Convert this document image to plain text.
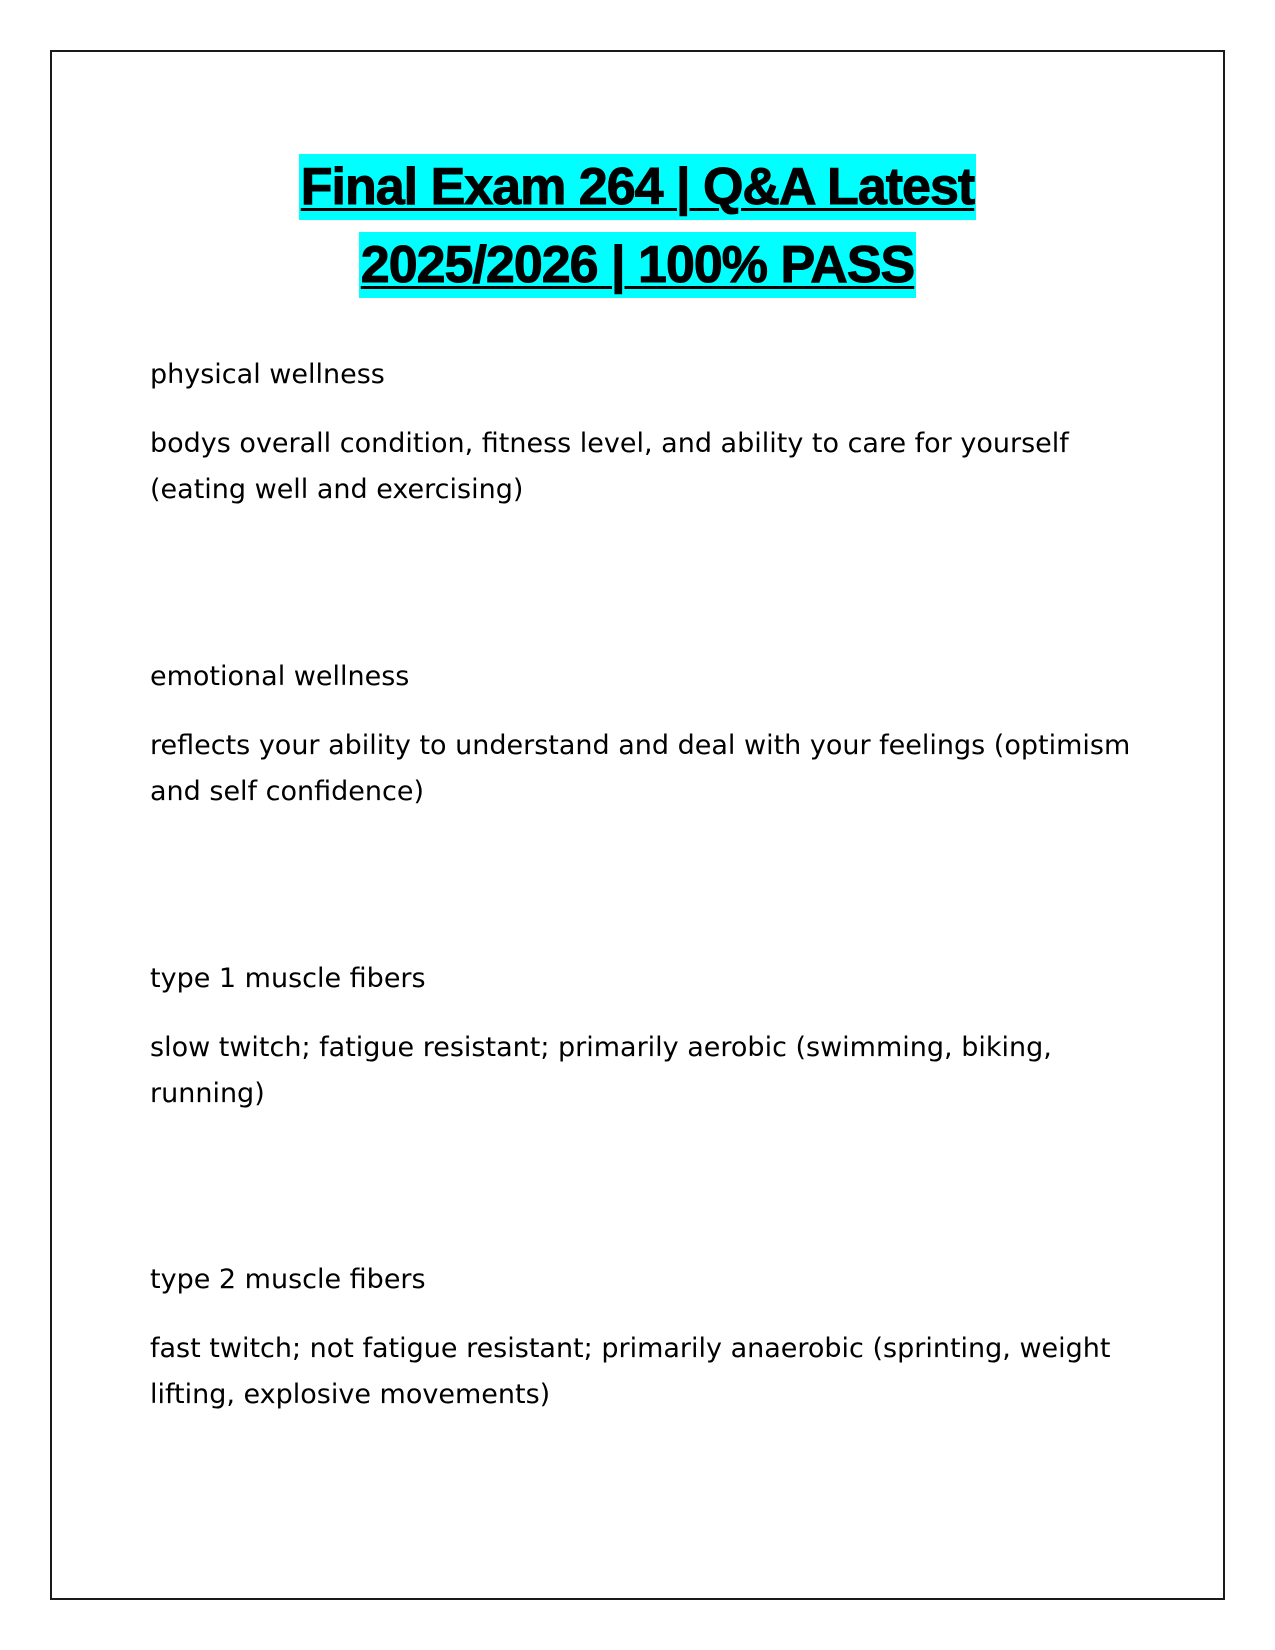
Final Exam 264 | Q&A Latest
2025/2026 | 100% PASS
physical wellness
bodys overall condition, fitness level, and ability to care for yourself (eating well and exercising)
emotional wellness
reflects your ability to understand and deal with your feelings (optimism and self confidence)
type 1 muscle fibers
slow twitch; fatigue resistant; primarily aerobic (swimming, biking, running)
type 2 muscle fibers
fast twitch; not fatigue resistant; primarily anaerobic (sprinting, weight lifting, explosive movements)
